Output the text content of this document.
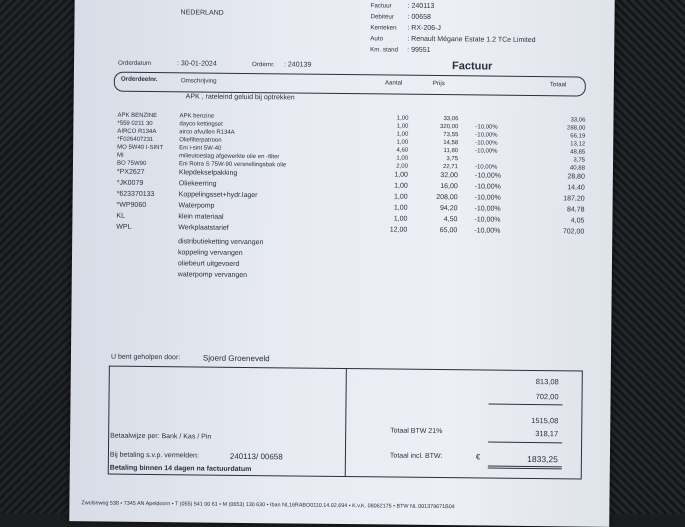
NEDERLAND
Factuur : 240113
Debiteur : 00658
Kenteken : RX-206-J
Auto	: Renault Mégane Estate 1.2 TCe Limited
Km. stand : 99551
Orderdatum	: 30-01-2024	Ordernr. : 240139	Factuur
Orderdeelnr.	Omschrijving	Aantal	Prijs	Totaal
APK , rateleind geluid bij optrekken
APK BENZINE	APK benzine	1,00	33,06	33,06
*559 0211 30	dayco kettingset	1,00	320,00	-10,00%	288,00
AIRCO R134A	airco afvullen R134A	1,00	73,55	-10,00%	66,19
*F026407231	Oliefilterpatroon	1,00	14,58	-10,00%	13,12
MO 5W40 I-SINT	Eni i-sint 5W-40	4,60	11,80	-10,00%	48,85
MI	milieutoeslag afgewerkte olie en -filter	1,00	3,75	3,75
BO 75W90	Eni Rotra S 75W-90 versnellingsbak olie	2,00	22,71	-10,00%	40,88
*PX2627	Klepdekselpakking	1,00	32,00 -10,00%	28,80
*JK0079	Oliekeerring	1,00	16,00 -10,00%	14,40
*623370133	Koppelingsset+hydr.lager	1,00	208,00 -10,00%	187,20
*WP9060	Waterpomp	1,00	94,20 -10,00%	84,78
KL	klein materiaal	1,00	4,50 -10,00%	4,05
WPL	Werkplaatstarief	12,00	65,00 -10,00%	702,00
distributieketting vervangen
koppeling vervangen
oliebeurt uitgevoerd
waterpomp vervangen
U bent geholpen door:	Sjoerd Groeneveld
813,08
702,00
1515,08
Totaal BTW 21%	318,17
Totaal incl. BTW:	€	1833,25
Betaalwijze per: Bank / Kas / Pin
Bij betaling s.v.p. vermelden:	240113/ 00658
Betaling binnen 14 dagen na factuurdatum
Zwolseweg 538 • 7345 AN Apeldoorn • T (055) 541 00 61 • M (0653) 130 630 • Iban NL16RABO0110.14.02.694 • K.v.K. 08062175 • BTW NL 001379671B04
